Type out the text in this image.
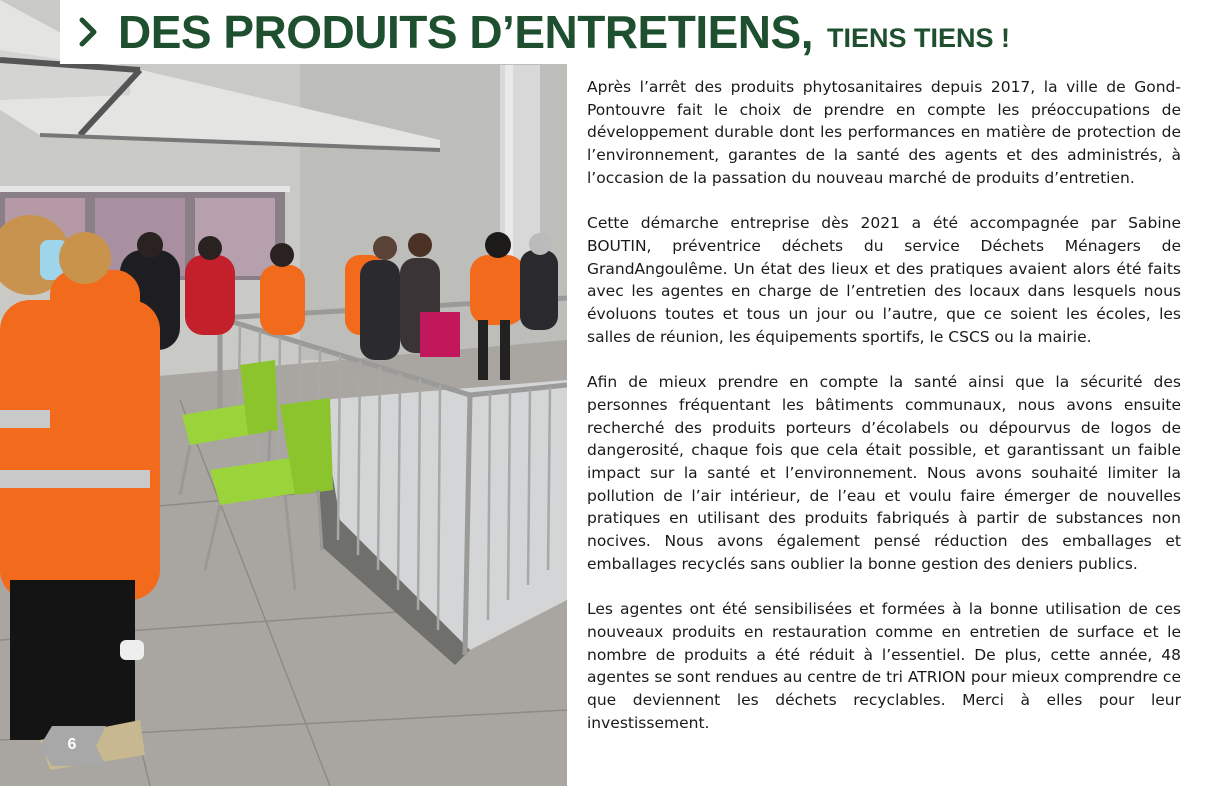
DES PRODUITS D’ENTRETIENS, TIENS TIENS !

Après l’arrêt des produits phytosanitaires depuis 2017, la ville de Gond-Pontouvre fait le choix de prendre en compte les préoccupations de développement durable dont les performances en matière de protection de l’environnement, garantes de la santé des agents et des administrés, à l’occasion de la passation du nouveau marché de produits d’entretien.

Cette démarche entreprise dès 2021 a été accompagnée par Sabine BOUTIN, préventrice déchets du service Déchets Ménagers de GrandAngoulême. Un état des lieux et des pratiques avaient alors été faits avec les agentes en charge de l’entretien des locaux dans lesquels nous évoluons toutes et tous un jour ou l’autre, que ce soient les écoles, les salles de réunion, les équipements sportifs, le CSCS ou la mairie.

Afin de mieux prendre en compte la santé ainsi que la sécurité des personnes fréquentant les bâtiments communaux, nous avons ensuite recherché des produits porteurs d’écolabels ou dépourvus de logos de dangerosité, chaque fois que cela était possible, et garantissant un faible impact sur la santé et l’environnement. Nous avons souhaité limiter la pollution de l’air intérieur, de l’eau et voulu faire émerger de nouvelles pratiques en utilisant des produits fabriqués à partir de substances non nocives. Nous avons également pensé réduction des emballages et emballages recyclés sans oublier la bonne gestion des deniers publics.

Les agentes ont été sensibilisées et formées à la bonne utilisation de ces nouveaux produits en restauration comme en entretien de surface et le nombre de produits a été réduit à l’essentiel. De plus, cette année, 48 agentes se sont rendues au centre de tri ATRION pour mieux comprendre ce que deviennent les déchets recyclables. Merci à elles pour leur investissement.

6
